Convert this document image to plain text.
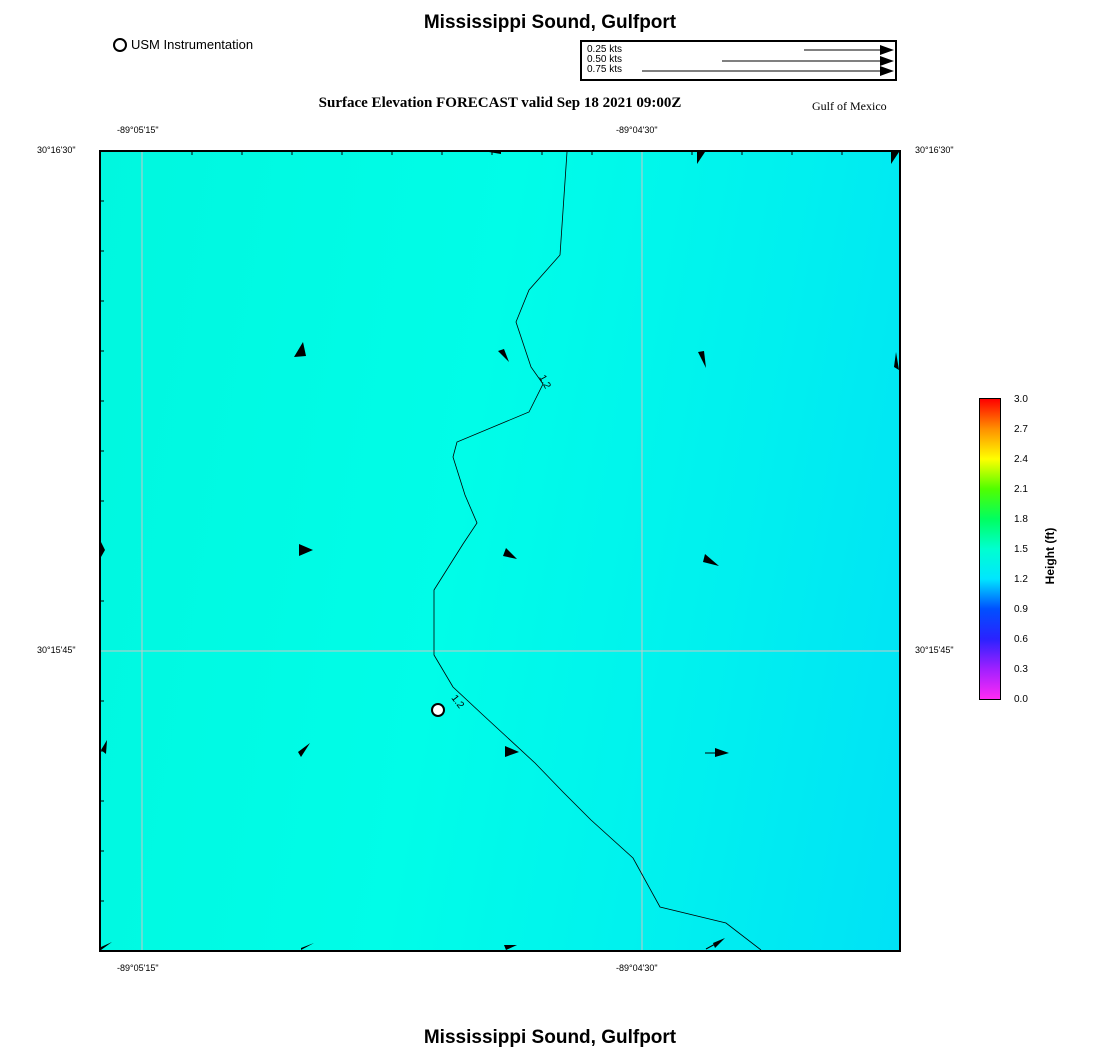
Mississippi Sound, Gulfport
USM Instrumentation	0.25 kts
0.50 kts
0.75 kts
Surface Elevation FORECAST valid Sep 18 2021 09:00Z	Gulf of Mexico
-89°05'15"	-89°04'30"
-89°05'15"	-89°04'30"
30°16'30"
30°15'45"
30°16'30"
30°15'45"
1.2
1.2
3.0
2.7
2.4
2.1
1.8
1.5
1.2
0.9
0.6
0.3
0.0
Height (ft)
Mississippi Sound, Gulfport
